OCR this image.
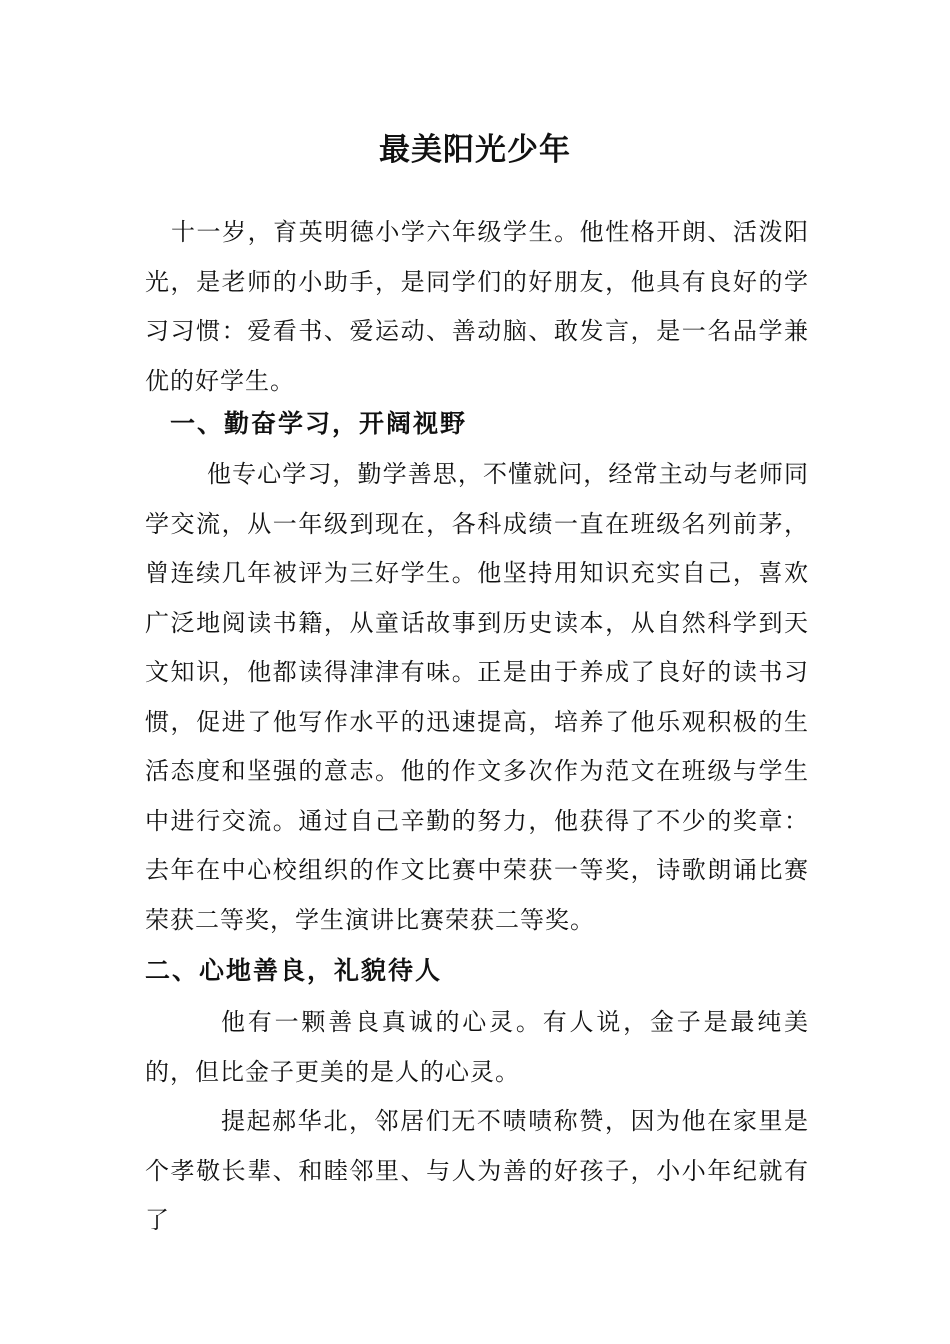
最美阳光少年
十一岁，育英明德小学六年级学生。他性格开朗、活泼阳光，是老师的小助手，是同学们的好朋友，他具有良好的学习习惯：爱看书、爱运动、善动脑、敢发言，是一名品学兼优的好学生。
一、勤奋学习，开阔视野
他专心学习，勤学善思，不懂就问，经常主动与老师同学交流，从一年级到现在，各科成绩一直在班级名列前茅，曾连续几年被评为三好学生。他坚持用知识充实自己，喜欢广泛地阅读书籍，从童话故事到历史读本，从自然科学到天文知识，他都读得津津有味。正是由于养成了良好的读书习惯，促进了他写作水平的迅速提高，培养了他乐观积极的生活态度和坚强的意志。他的作文多次作为范文在班级与学生中进行交流。通过自己辛勤的努力，他获得了不少的奖章：去年在中心校组织的作文比赛中荣获一等奖，诗歌朗诵比赛荣获二等奖，学生演讲比赛荣获二等奖。
二、心地善良，礼貌待人
他有一颗善良真诚的心灵。有人说，金子是最纯美的，但比金子更美的是人的心灵。
提起郝华北，邻居们无不啧啧称赞，因为他在家里是个孝敬长辈、和睦邻里、与人为善的好孩子，小小年纪就有了
